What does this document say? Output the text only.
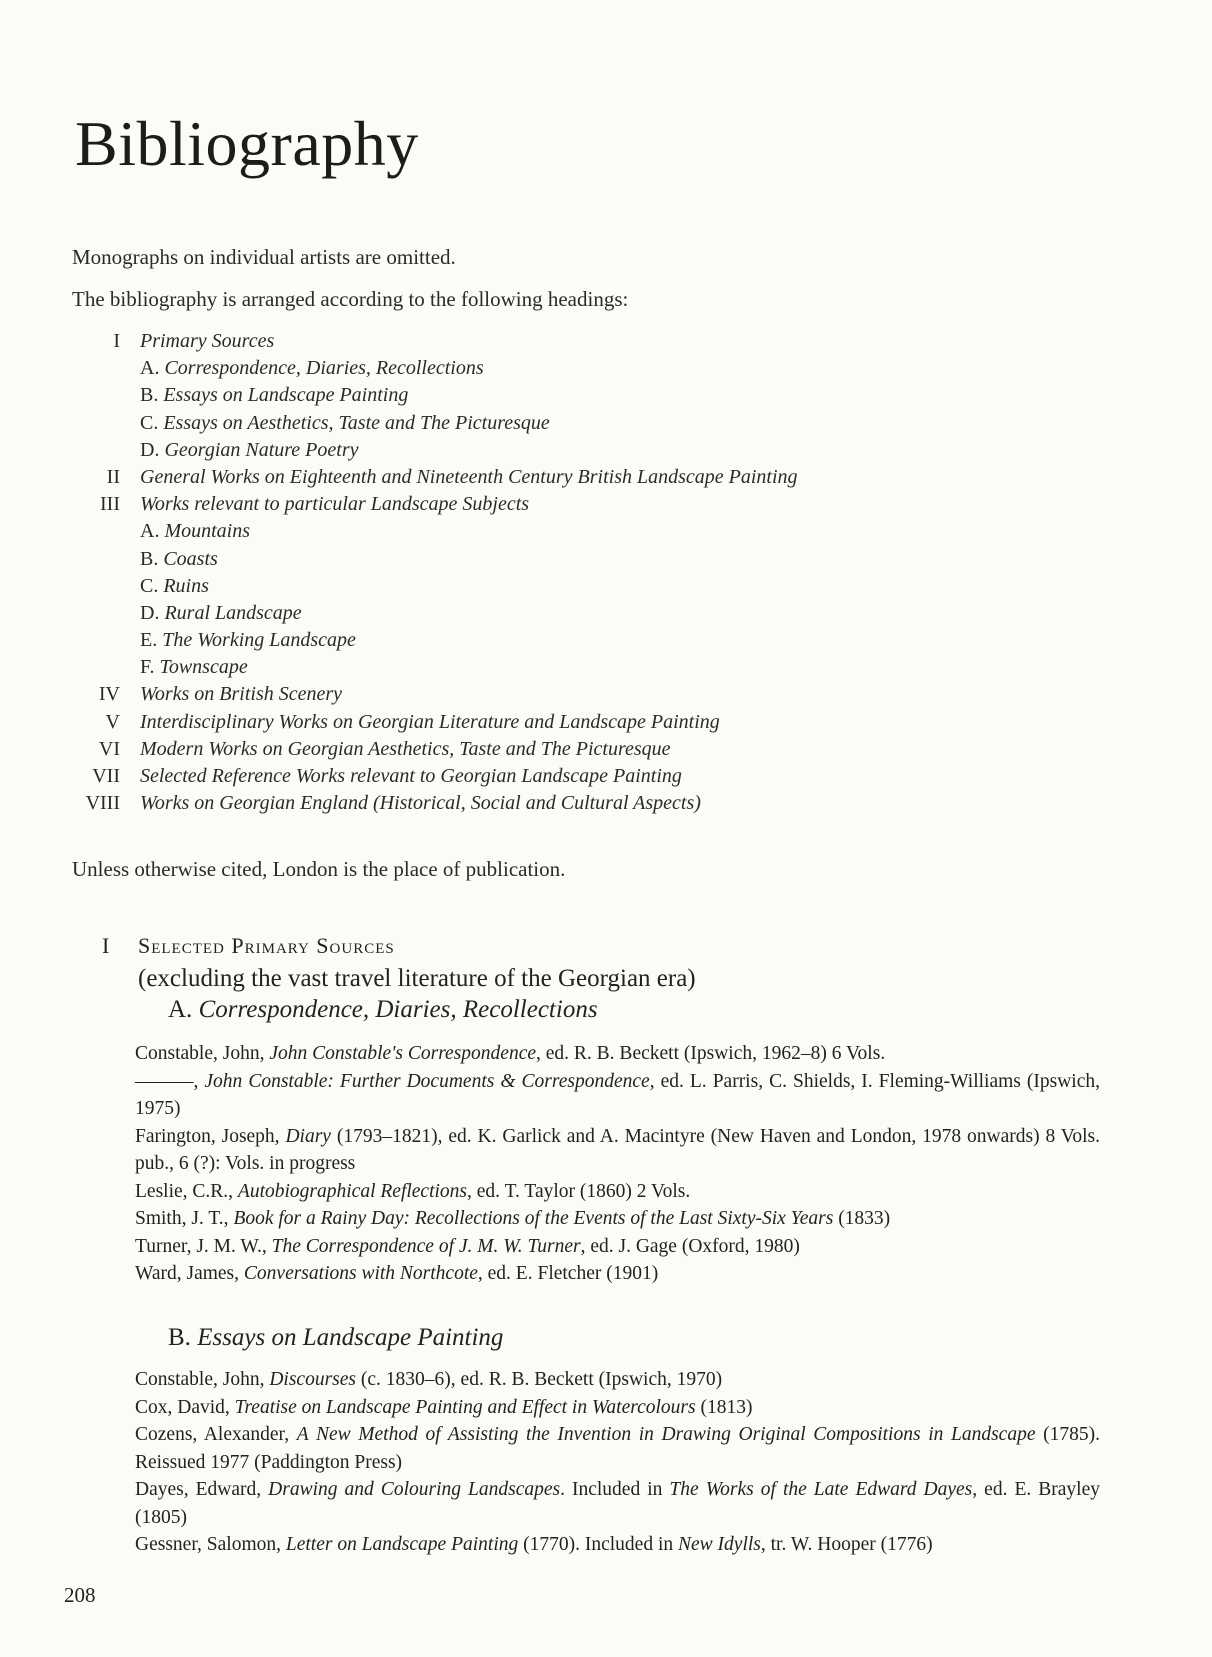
Bibliography
Monographs on individual artists are omitted.
The bibliography is arranged according to the following headings:
I Primary Sources
A. Correspondence, Diaries, Recollections
B. Essays on Landscape Painting
C. Essays on Aesthetics, Taste and The Picturesque
D. Georgian Nature Poetry
II General Works on Eighteenth and Nineteenth Century British Landscape Painting
III Works relevant to particular Landscape Subjects
A. Mountains
B. Coasts
C. Ruins
D. Rural Landscape
E. The Working Landscape
F. Townscape
IV Works on British Scenery
V Interdisciplinary Works on Georgian Literature and Landscape Painting
VI Modern Works on Georgian Aesthetics, Taste and The Picturesque
VII Selected Reference Works relevant to Georgian Landscape Painting
VIII Works on Georgian England (Historical, Social and Cultural Aspects)
Unless otherwise cited, London is the place of publication.
I Selected Primary Sources
(excluding the vast travel literature of the Georgian era)
A. Correspondence, Diaries, Recollections
Constable, John, John Constable's Correspondence, ed. R. B. Beckett (Ipswich, 1962–8) 6 Vols.
———, John Constable: Further Documents & Correspondence, ed. L. Parris, C. Shields, I. Fleming-Williams (Ipswich, 1975)
Farington, Joseph, Diary (1793–1821), ed. K. Garlick and A. Macintyre (New Haven and London, 1978 onwards) 8 Vols. pub., 6 (?): Vols. in progress
Leslie, C.R., Autobiographical Reflections, ed. T. Taylor (1860) 2 Vols.
Smith, J. T., Book for a Rainy Day: Recollections of the Events of the Last Sixty-Six Years (1833)
Turner, J. M. W., The Correspondence of J. M. W. Turner, ed. J. Gage (Oxford, 1980)
Ward, James, Conversations with Northcote, ed. E. Fletcher (1901)
B. Essays on Landscape Painting
Constable, John, Discourses (c. 1830–6), ed. R. B. Beckett (Ipswich, 1970)
Cox, David, Treatise on Landscape Painting and Effect in Watercolours (1813)
Cozens, Alexander, A New Method of Assisting the Invention in Drawing Original Compositions in Landscape (1785). Reissued 1977 (Paddington Press)
Dayes, Edward, Drawing and Colouring Landscapes. Included in The Works of the Late Edward Dayes, ed. E. Brayley (1805)
Gessner, Salomon, Letter on Landscape Painting (1770). Included in New Idylls, tr. W. Hooper (1776)
208
